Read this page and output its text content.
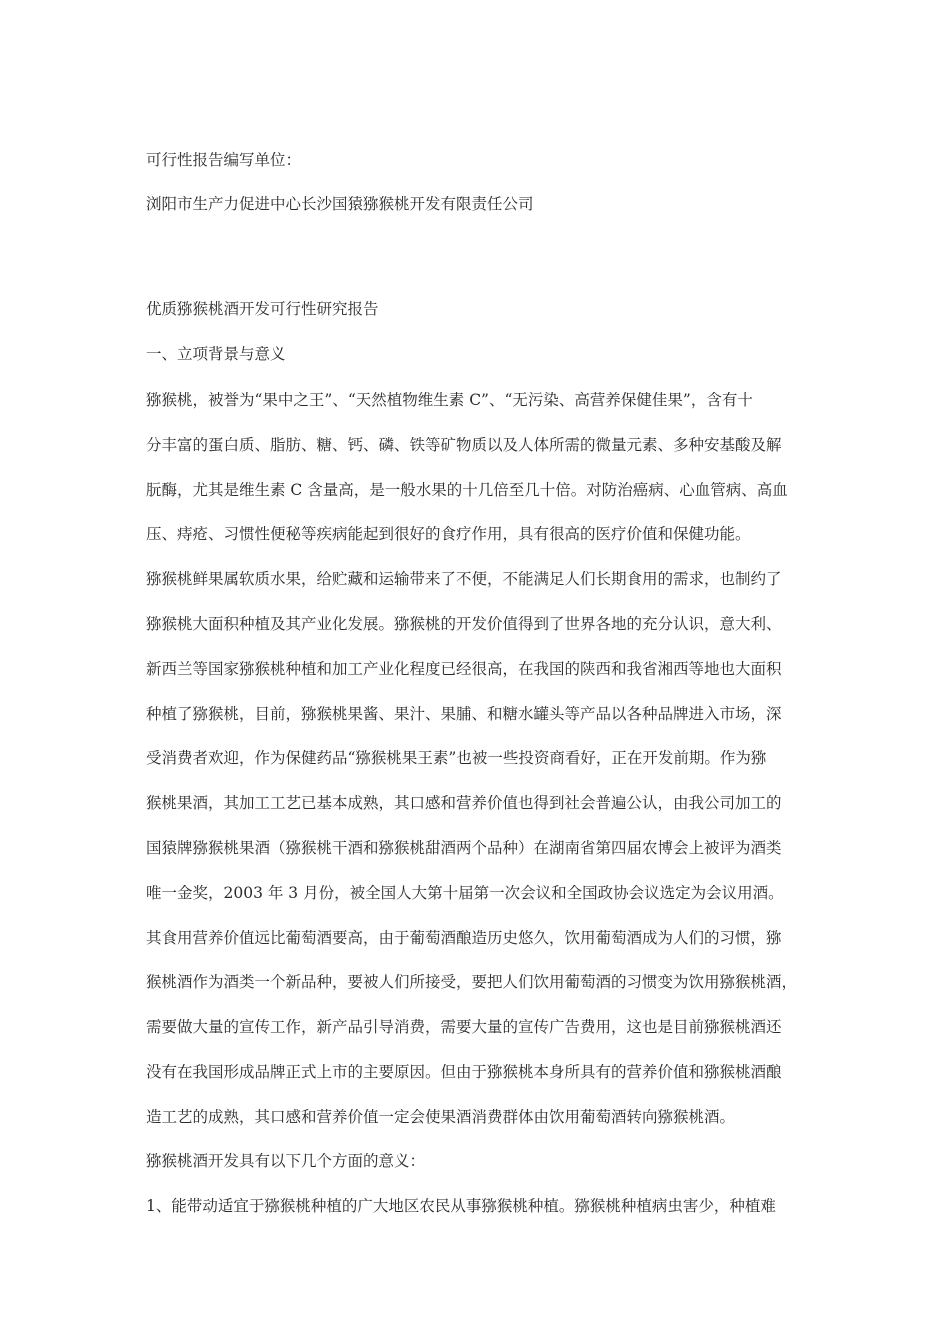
可行性报告编写单位：
浏阳市生产力促进中心长沙国猿猕猴桃开发有限责任公司
优质猕猴桃酒开发可行性研究报告
一、立项背景与意义
猕猴桃，被誉为“果中之王”、“天然植物维生素 C”、“无污染、高营养保健佳果”，含有十
分丰富的蛋白质、脂肪、糖、钙、磷、铁等矿物质以及人体所需的微量元素、多种安基酸及解
朊酶，尤其是维生素 C 含量高，是一般水果的十几倍至几十倍。对防治癌病、心血管病、高血
压、痔疮、习惯性便秘等疾病能起到很好的食疗作用，具有很高的医疗价值和保健功能。
猕猴桃鲜果属软质水果，给贮藏和运输带来了不便，不能满足人们长期食用的需求，也制约了
猕猴桃大面积种植及其产业化发展。猕猴桃的开发价值得到了世界各地的充分认识，意大利、
新西兰等国家猕猴桃种植和加工产业化程度已经很高，在我国的陕西和我省湘西等地也大面积
种植了猕猴桃，目前，猕猴桃果酱、果汁、果脯、和糖水罐头等产品以各种品牌进入市场，深
受消费者欢迎，作为保健药品“猕猴桃果王素”也被一些投资商看好，正在开发前期。作为猕
猴桃果酒，其加工工艺已基本成熟，其口感和营养价值也得到社会普遍公认，由我公司加工的
国猿牌猕猴桃果酒（猕猴桃干酒和猕猴桃甜酒两个品种）在湖南省第四届农博会上被评为酒类
唯一金奖，2003 年 3 月份，被全国人大第十届第一次会议和全国政协会议选定为会议用酒。
其食用营养价值远比葡萄酒要高，由于葡萄酒酿造历史悠久，饮用葡萄酒成为人们的习惯，猕
猴桃酒作为酒类一个新品种，要被人们所接受，要把人们饮用葡萄酒的习惯变为饮用猕猴桃酒，
需要做大量的宣传工作，新产品引导消费，需要大量的宣传广告费用，这也是目前猕猴桃酒还
没有在我国形成品牌正式上市的主要原因。但由于猕猴桃本身所具有的营养价值和猕猴桃酒酿
造工艺的成熟，其口感和营养价值一定会使果酒消费群体由饮用葡萄酒转向猕猴桃酒。
猕猴桃酒开发具有以下几个方面的意义：
1、能带动适宜于猕猴桃种植的广大地区农民从事猕猴桃种植。猕猴桃种植病虫害少，种植难
